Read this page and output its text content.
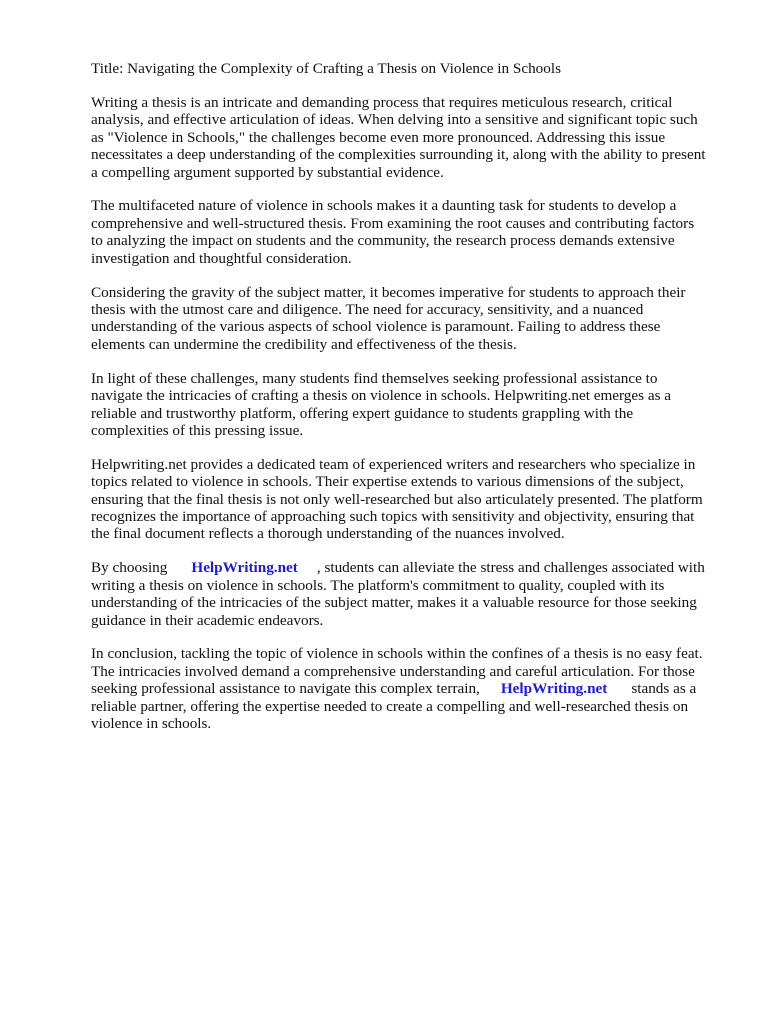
Title: Navigating the Complexity of Crafting a Thesis on Violence in Schools
Writing a thesis is an intricate and demanding process that requires meticulous research, critical
analysis, and effective articulation of ideas. When delving into a sensitive and significant topic such
as "Violence in Schools," the challenges become even more pronounced. Addressing this issue
necessitates a deep understanding of the complexities surrounding it, along with the ability to present
a compelling argument supported by substantial evidence.
The multifaceted nature of violence in schools makes it a daunting task for students to develop a
comprehensive and well-structured thesis. From examining the root causes and contributing factors
to analyzing the impact on students and the community, the research process demands extensive
investigation and thoughtful consideration.
Considering the gravity of the subject matter, it becomes imperative for students to approach their
thesis with the utmost care and diligence. The need for accuracy, sensitivity, and a nuanced
understanding of the various aspects of school violence is paramount. Failing to address these
elements can undermine the credibility and effectiveness of the thesis.
In light of these challenges, many students find themselves seeking professional assistance to
navigate the intricacies of crafting a thesis on violence in schools. Helpwriting.net emerges as a
reliable and trustworthy platform, offering expert guidance to students grappling with the
complexities of this pressing issue.
Helpwriting.net provides a dedicated team of experienced writers and researchers who specialize in
topics related to violence in schools. Their expertise extends to various dimensions of the subject,
ensuring that the final thesis is not only well-researched but also articulately presented. The platform
recognizes the importance of approaching such topics with sensitivity and objectivity, ensuring that
the final document reflects a thorough understanding of the nuances involved.
By choosing HelpWriting.net , students can alleviate the stress and challenges associated with
writing a thesis on violence in schools. The platform's commitment to quality, coupled with its
understanding of the intricacies of the subject matter, makes it a valuable resource for those seeking
guidance in their academic endeavors.
In conclusion, tackling the topic of violence in schools within the confines of a thesis is no easy feat.
The intricacies involved demand a comprehensive understanding and careful articulation. For those
seeking professional assistance to navigate this complex terrain, HelpWriting.net stands as a
reliable partner, offering the expertise needed to create a compelling and well-researched thesis on
violence in schools.
